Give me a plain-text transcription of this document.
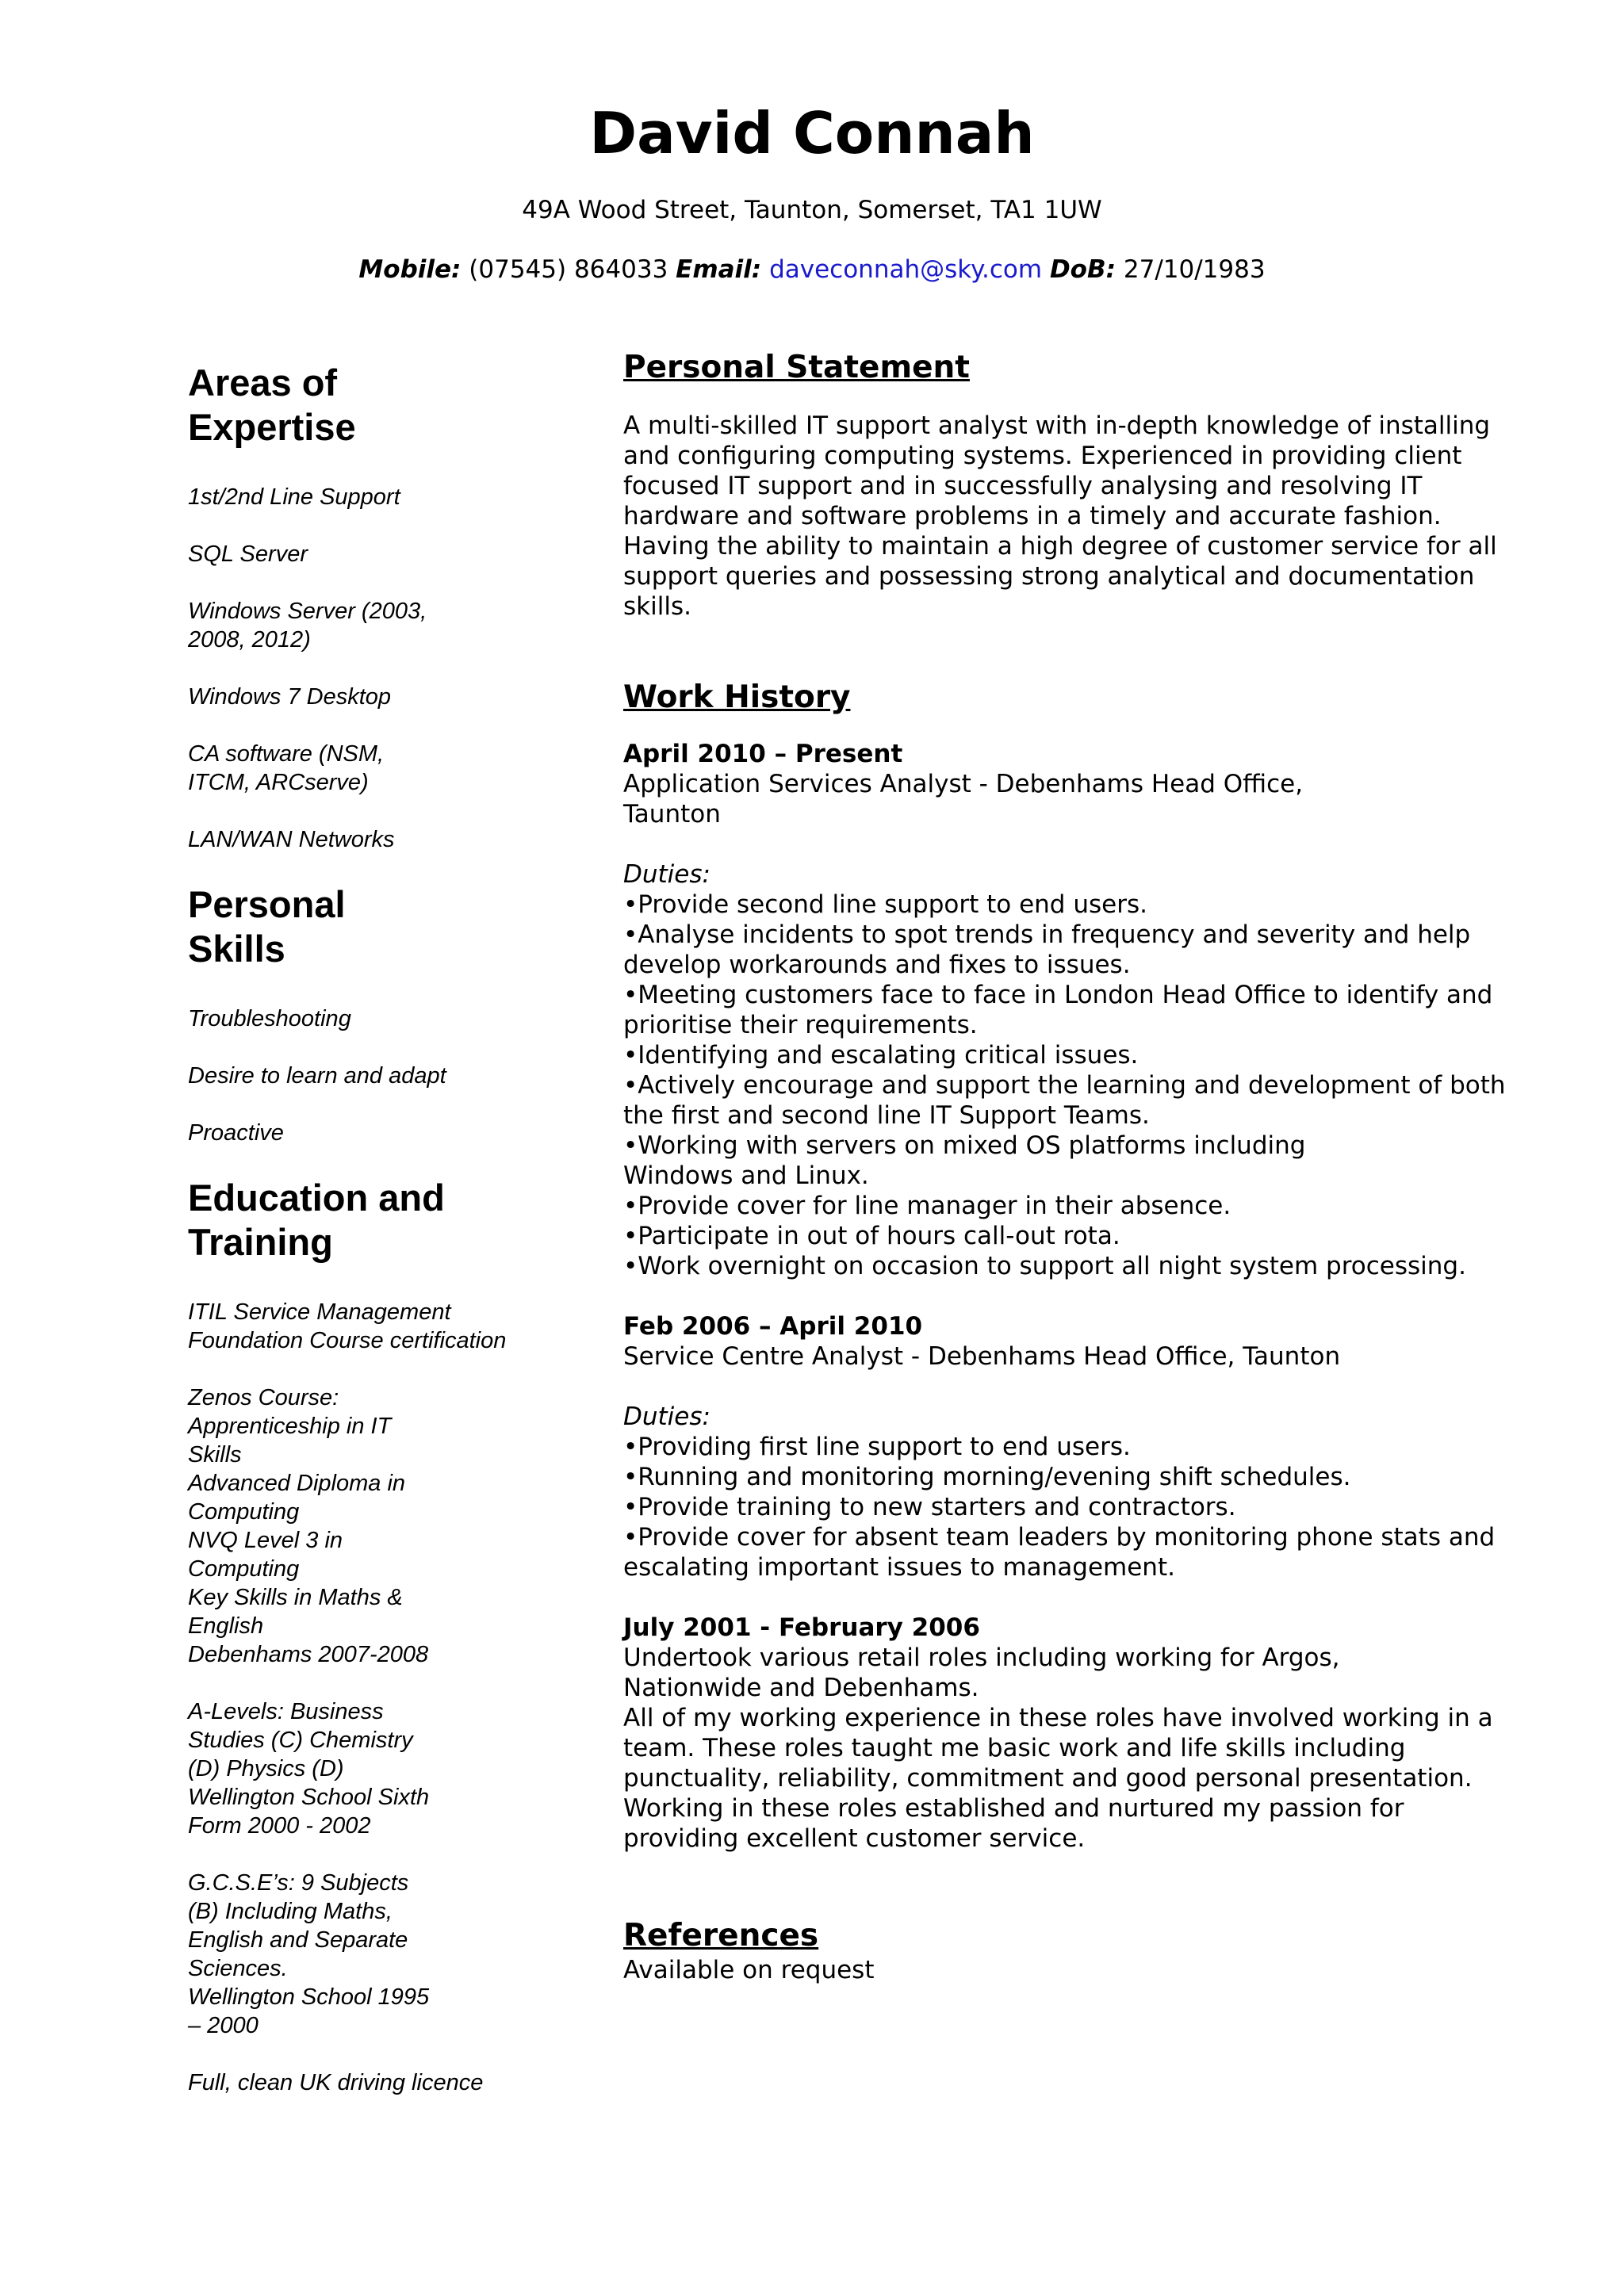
David Connah
49A Wood Street, Taunton, Somerset, TA1 1UW
Mobile: (07545) 864033 Email: daveconnah@sky.com DoB: 27/10/1983
Areas of
Expertise

1st/2nd Line Support

SQL Server

Windows Server (2003,
2008, 2012)

Windows 7 Desktop

CA software (NSM,
ITCM, ARCserve)

LAN/WAN Networks

Personal
Skills

Troubleshooting

Desire to learn and adapt

Proactive

Education and
Training

ITIL Service Management
Foundation Course certification

Zenos Course:
Apprenticeship in IT
Skills
Advanced Diploma in
Computing
NVQ Level 3 in
Computing
Key Skills in Maths &
English
Debenhams 2007-2008

A-Levels: Business
Studies (C) Chemistry
(D) Physics (D)
Wellington School Sixth
Form 2000 - 2002

G.C.S.E’s: 9 Subjects
(B) Including Maths,
English and Separate
Sciences.
Wellington School 1995
– 2000

Full, clean UK driving licence

Personal Statement

A multi-skilled IT support analyst with in-depth knowledge of installing
and configuring computing systems. Experienced in providing client
focused IT support and in successfully analysing and resolving IT
hardware and software problems in a timely and accurate fashion.
Having the ability to maintain a high degree of customer service for all
support queries and possessing strong analytical and documentation
skills.

Work History

April 2010 – Present

Application Services Analyst - Debenhams Head Office,
Taunton

Duties:

•Provide second line support to end users.
•Analyse incidents to spot trends in frequency and severity and help
develop workarounds and fixes to issues.
•Meeting customers face to face in London Head Office to identify and
prioritise their requirements.
•Identifying and escalating critical issues.
•Actively encourage and support the learning and development of both
the first and second line IT Support Teams.
•Working with servers on mixed OS platforms including
Windows and Linux.
•Provide cover for line manager in their absence.
•Participate in out of hours call-out rota.
•Work overnight on occasion to support all night system processing.

Feb 2006 – April 2010

Service Centre Analyst - Debenhams Head Office, Taunton

Duties:

•Providing first line support to end users.
•Running and monitoring morning/evening shift schedules.
•Provide training to new starters and contractors.
•Provide cover for absent team leaders by monitoring phone stats and
escalating important issues to management.

July 2001 - February 2006

Undertook various retail roles including working for Argos,
Nationwide and Debenhams.
All of my working experience in these roles have involved working in a
team. These roles taught me basic work and life skills including
punctuality, reliability, commitment and good personal presentation.
Working in these roles established and nurtured my passion for
providing excellent customer service.

References

Available on request
